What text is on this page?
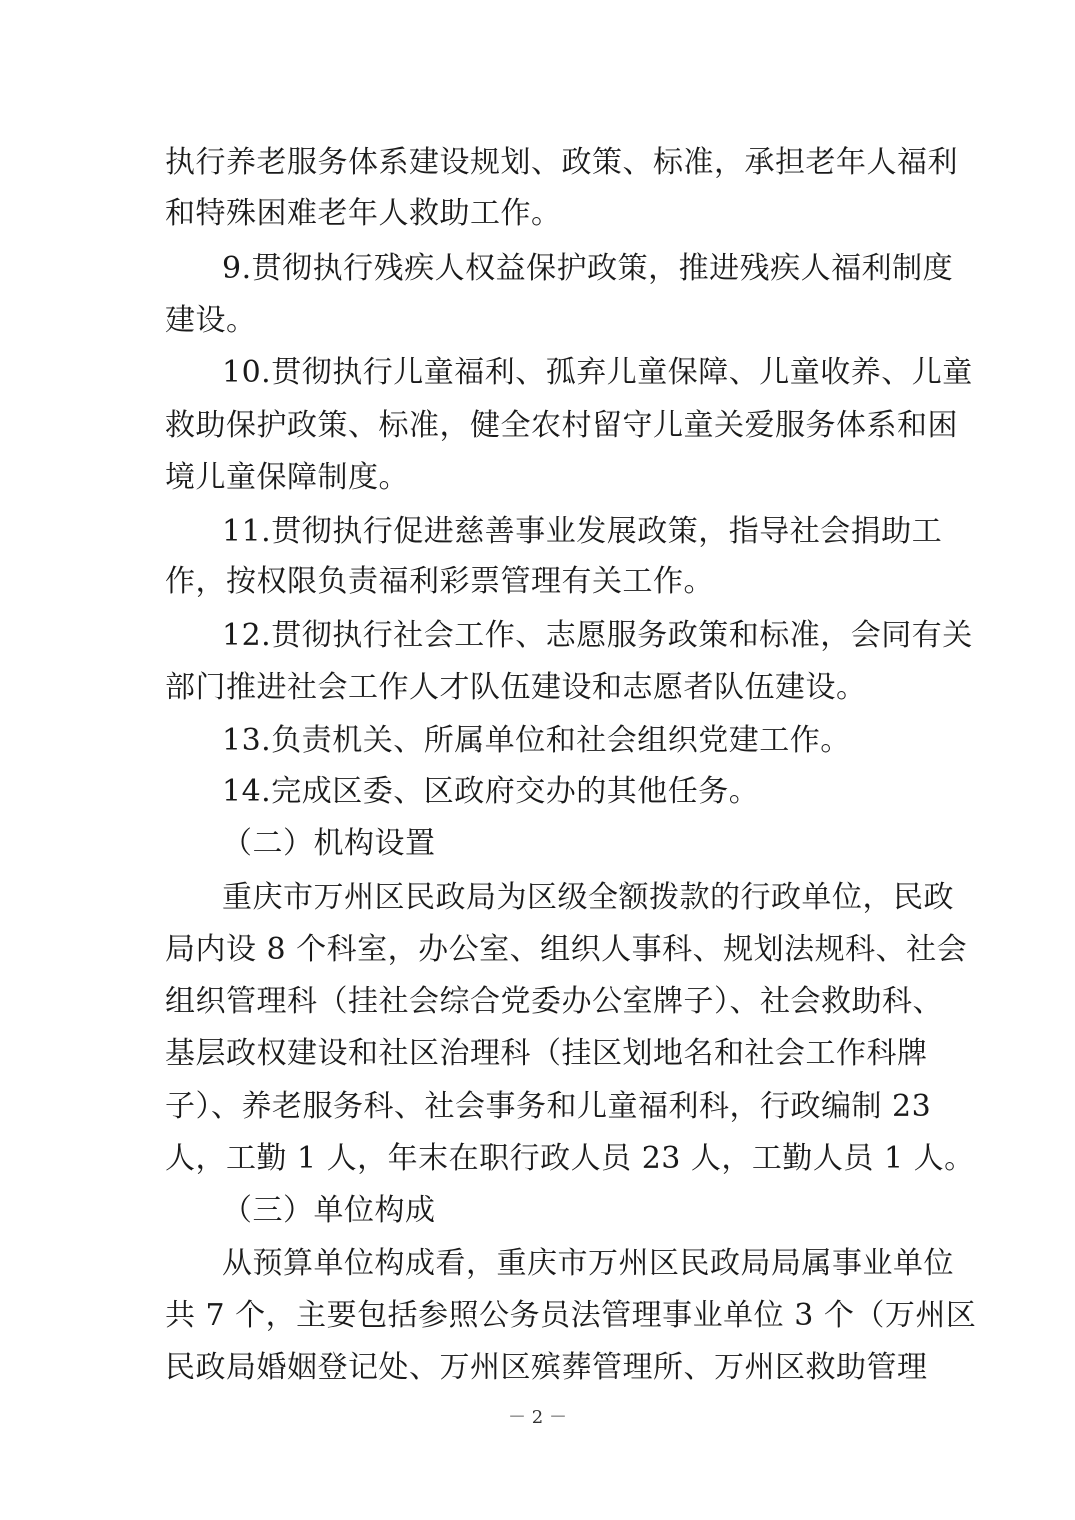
执行养老服务体系建设规划、政策、标准，承担老年人福利
和特殊困难老年人救助工作。
9.贯彻执行残疾人权益保护政策，推进残疾人福利制度
建设。
10.贯彻执行儿童福利、孤弃儿童保障、儿童收养、儿童
救助保护政策、标准，健全农村留守儿童关爱服务体系和困
境儿童保障制度。
11.贯彻执行促进慈善事业发展政策，指导社会捐助工
作，按权限负责福利彩票管理有关工作。
12.贯彻执行社会工作、志愿服务政策和标准，会同有关
部门推进社会工作人才队伍建设和志愿者队伍建设。
13.负责机关、所属单位和社会组织党建工作。
14.完成区委、区政府交办的其他任务。
（二）机构设置
重庆市万州区民政局为区级全额拨款的行政单位，民政
局内设 8 个科室，办公室、组织人事科、规划法规科、社会
组织管理科（挂社会综合党委办公室牌子）、社会救助科、
基层政权建设和社区治理科（挂区划地名和社会工作科牌
子）、养老服务科、社会事务和儿童福利科，行政编制 23
人，工勤 1 人，年末在职行政人员 23 人，工勤人员 1 人。
（三）单位构成
从预算单位构成看，重庆市万州区民政局局属事业单位
共 7 个，主要包括参照公务员法管理事业单位 3 个（万州区
民政局婚姻登记处、万州区殡葬管理所、万州区救助管理
－ 2 －
